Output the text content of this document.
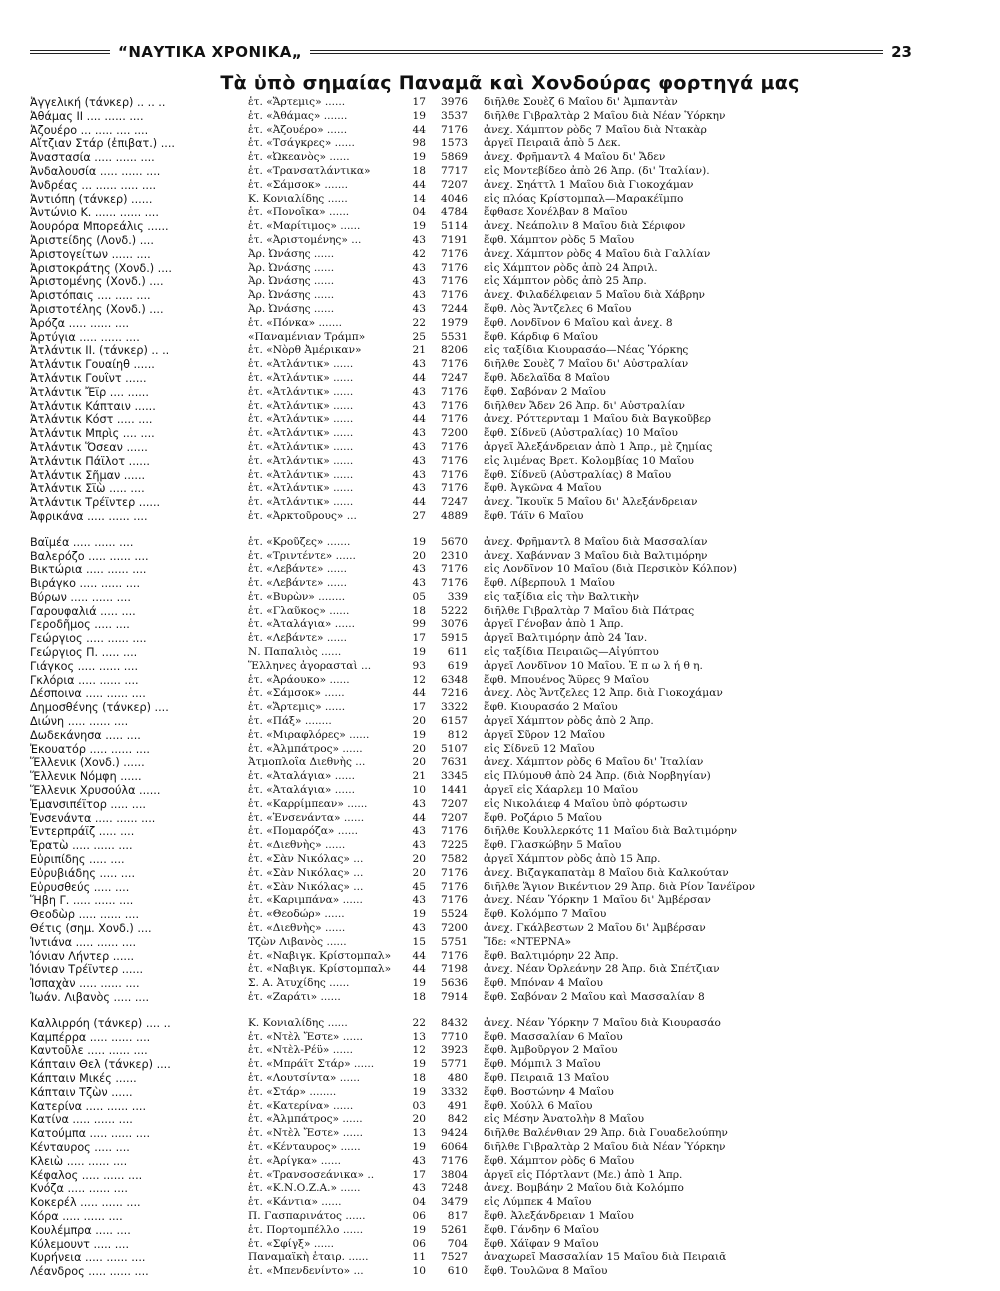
“ΝΑΥΤΙΚΑ ΧΡΟΝΙΚΑ„	23
Τὰ ὑπὸ σημαίας Παναμᾶ καὶ Χονδούρας φορτηγά μας
Ἀγγελική (τάνκερ) .. .. ..	ἑτ. «Ἄρτεμις» ......	17	3976	διῆλθε Σουὲζ 6 Μαΐου δι' Ἀμπαντὰν
Ἀθάμας ΙΙ .... ...... ....	ἑτ. «Ἀθάμας» .......	19	3537	διῆλθε Γιβραλτὰρ 2 Μαΐου διὰ Νέαν Ὑόρκην
Ἀζουέρο ... ..... .... ....	ἑτ. «Ἀζουέρο» ......	44	7176	ἀνεχ. Χάμπτον ρὸδς 7 Μαΐου διὰ Ντακὰρ
Αἴτζιαν Στάρ (ἐπιβατ.) ....	ἑτ. «Τσάγκρες» ......	98	1573	ἀργεῖ Πειραιᾶ ἀπὸ 5 Δεκ.
Ἀναστασία ..... ...... ....	ἑτ. «Ὠκεανὸς» ......	19	5869	ἀνεχ. Φρῆμαντλ 4 Μαΐου δι' Ἄδεν
Ἀνδαλουσία ..... ...... ....	ἑτ. «Τρανσατλάντικα»	18	7717	εἰς Μοντεβίδεο ἀπὸ 26 Ἀπρ. (δι' Ἰταλίαν).
Ἀνδρέας ... ...... ..... ....	ἑτ. «Σάμσοκ» .......	44	7207	ἀνεχ. Σηάττλ 1 Μαΐου διὰ Γιοκοχάμαν
Ἀντιόπη (τάνκερ) ......	Κ. Κονιαλίδης ......	14	4046	εἰς πλόας Κρίστομπαλ—Μαρακέϊμπο
Ἀντώνιο Κ. ...... ...... ....	ἑτ. «Πονοΐκα» ......	04	4784	ἔφθασε Χονέλβαν 8 Μαΐου
Ἀουρόρα Μπορεάλις ......	ἑτ. «Μαρίτιμος» ......	19	5114	ἀνεχ. Νεάπολιν 8 Μαΐου διὰ Σέριφον
Ἀριστείδης (Λονδ.) ....	ἑτ. «Ἀριστομένης» ...	43	7191	ἔφθ. Χάμπτον ρὸδς 5 Μαΐου
Ἀριστογείτων ...... ....	Ἀρ. Ὠνάσης ......	42	7176	ἀνεχ. Χάμπτον ρὸδς 4 Μαΐου διὰ Γαλλίαν
Ἀριστοκράτης (Χονδ.) ....	Ἀρ. Ὠνάσης ......	43	7176	εἰς Χάμπτον ρὸδς ἀπὸ 24 Ἀπριλ.
Ἀριστομένης (Χονδ.) ....	Ἀρ. Ὠνάσης ......	43	7176	εἰς Χάμπτον ρὸδς ἀπὸ 25 Ἀπρ.
Ἀριστόπαις .... ..... ....	Ἀρ. Ὠνάσης ......	43	7176	ἀνεχ. Φιλαδέλφειαν 5 Μαΐου διὰ Χάβρην
Ἀριστοτέλης (Χονδ.) ....	Ἀρ. Ὠνάσης ......	43	7244	ἔφθ. Λὸς Ἄντζελες 6 Μαΐου
Ἀρόζα ..... ...... ....	ἑτ. «Πόνκα» .......	22	1979	ἔφθ. Λονδῖνον 6 Μαΐου καὶ ἀνεχ. 8
Ἀρτύγια ..... ...... ....	«Παναμένιαν Τράμπ»	25	5531	ἔφθ. Κάρδιφ 6 Μαΐου
Ἀτλάντικ ΙΙ. (τάνκερ) .. ..	ἑτ. «Νὸρθ Ἀμέρικαν»	21	8206	εἰς ταξίδια Κιουρασάο—Νέας Ὑόρκης
Ἀτλάντικ Γουαίηθ ......	ἑτ. «Ἀτλάντικ» ......	43	7176	διῆλθε Σουὲζ 7 Μαΐου δι' Αὐστραλίαν
Ἀτλάντικ Γουΐντ ......	ἑτ. «Ἀτλάντικ» ......	44	7247	ἔφθ. Ἀδελαΐδα 8 Μαΐου
Ἀτλάντικ Ἔϊρ .... ......	ἑτ. «Ἀτλάντικ» ......	43	7176	ἔφθ. Σαβόναν 2 Μαΐου
Ἀτλάντικ Κάπταιν ......	ἑτ. «Ἀτλάντικ» ......	43	7176	διῆλθεν Ἄδεν 26 Ἀπρ. δι' Αὐστραλίαν
Ἀτλάντικ Κόστ ..... ....	ἑτ. «Ἀτλάντικ» ......	44	7176	ἀνεχ. Ρόττερνταμ 1 Μαΐου διὰ Βαγκοῦβερ
Ἀτλάντικ Μπρὶς .... ....	ἑτ. «Ἀτλάντικ» ......	43	7200	ἔφθ. Σίδνεϋ (Αὐστραλίας) 10 Μαΐου
Ἀτλάντικ Ὅσεαν ......	ἑτ. «Ἀτλάντικ» ......	43	7176	ἀργεῖ Ἀλεξάνδρειαν ἀπὸ 1 Ἀπρ., μὲ ζημίας
Ἀτλάντικ Πάϊλοτ ......	ἑτ. «Ἀτλάντικ» ......	43	7176	εἰς λιμένας Βρετ. Κολομβίας 10 Μαΐου
Ἀτλάντικ Σῆμαν ......	ἑτ. «Ἀτλάντικ» ......	43	7176	ἔφθ. Σίδνεϋ (Αὐστραλίας) 8 Μαΐου
Ἀτλάντικ Σϊὼ ..... ....	ἑτ. «Ἀτλάντικ» ......	43	7176	ἔφθ. Ἀγκῶνα 4 Μαΐου
Ἀτλάντικ Τρέϊντερ ......	ἑτ. «Ἀτλάντικ» ......	44	7247	ἀνεχ. Ἴκουϊκ 5 Μαΐου δι' Ἀλεξάνδρειαν
Ἀφρικάνα ..... ...... ....	ἑτ. «Ἀρκτοῦρους» ...	27	4889	ἔφθ. Τάϊν 6 Μαΐου
Βαϊμέα ..... ...... ....	ἑτ. «Κροῦζες» .......	19	5670	ἀνεχ. Φρῆμαντλ 8 Μαΐου διὰ Μασσαλίαν
Βαλερόζο ..... ...... ....	ἑτ. «Τριντέντε» ......	20	2310	ἀνεχ. Χαβάνναν 3 Μαΐου διὰ Βαλτιμόρην
Βικτώρια ..... ...... ....	ἑτ. «Λεβάντε» ......	43	7176	εἰς Λονδῖνον 10 Μαΐου (διὰ Περσικὸν Κόλπον)
Βιράγκο ..... ...... ....	ἑτ. «Λεβάντε» ......	43	7176	ἔφθ. Λίβερπουλ 1 Μαΐου
Βύρων ..... ...... ....	ἑτ. «Βυρὼν» ........	05	339	εἰς ταξίδια εἰς τὴν Βαλτικὴν
Γαρουφαλιά ..... ....	ἑτ. «Γλαῦκος» ......	18	5222	διῆλθε Γιβραλτὰρ 7 Μαΐου διὰ Πάτρας
Γεροδῆμος ..... ....	ἑτ. «Ἀταλάγια» ......	99	3076	ἀργεῖ Γένοβαν ἀπὸ 1 Ἀπρ.
Γεώργιος ..... ...... ....	ἑτ. «Λεβάντε» ......	17	5915	ἀργεῖ Βαλτιμόρην ἀπὸ 24 Ἰαν.
Γεώργιος Π. ..... ....	Ν. Παπαλιὸς ......	19	611	εἰς ταξίδια Πειραιῶς—Αἰγύπτου
Γιάγκος ..... ...... ....	Ἕλληνες ἀγορασταὶ ...	93	619	ἀργεῖ Λονδῖνον 10 Μαΐου. Ἐ π ω λ ή θ η.
Γκλόρια ..... ...... ....	ἑτ. «Ἀράουκο» ......	12	6348	ἔφθ. Μπουένος Ἄϋρες 9 Μαΐου
Δέσποινα ..... ...... ....	ἑτ. «Σάμσοκ» ......	44	7216	ἀνεχ. Λὸς Ἄντζελες 12 Ἀπρ. διὰ Γιοκοχάμαν
Δημοσθένης (τάνκερ) ....	ἑτ. «Ἄρτεμις» ......	17	3322	ἔφθ. Κιουρασάο 2 Μαΐου
Διώνη ..... ...... ....	ἑτ. «Πάξ» ........	20	6157	ἀργεῖ Χάμπτον ρὸδς ἀπὸ 2 Ἀπρ.
Δωδεκάνησα ..... ....	ἑτ. «Μιραφλόρες» ......	19	812	ἀργεῖ Σῦρον 12 Μαΐου
Ἐκουατόρ ..... ...... ....	ἑτ. «Ἀλμπάτρος» ......	20	5107	εἰς Σίδνεϋ 12 Μαΐου
Ἕλλενικ (Χονδ.) ......	Ἀτμοπλοΐα Διεθνὴς ...	20	7631	ἀνεχ. Χάμπτον ρὸδς 6 Μαΐου δι' Ἰταλίαν
Ἕλλενικ Νόμφη ......	ἑτ. «Ἀταλάγια» ......	21	3345	εἰς Πλύμουθ ἀπὸ 24 Ἀπρ. (διὰ Νορβηγίαν)
Ἕλλενικ Χρυσούλα ......	ἑτ. «Ἀταλάγια» ......	10	1441	ἀργεῖ εἰς Χάαρλεμ 10 Μαΐου
Ἐμανσιπέϊτορ ..... ....	ἑτ. «Καρρίμπεαν» ......	43	7207	εἰς Νικολάιεφ 4 Μαΐου ὑπὸ φόρτωσιν
Ἐνσενάντα ..... ...... ....	ἑτ. «Ἐνσενάντα» ......	44	7207	ἔφθ. Ροζάριο 5 Μαΐου
Ἐντερπράϊζ ..... ....	ἑτ. «Πομαρόζα» ......	43	7176	διῆλθε Κουλλερκότς 11 Μαΐου διὰ Βαλτιμόρην
Ἐρατὼ ..... ...... ....	ἑτ. «Διεθνὴς» ......	43	7225	ἔφθ. Γλασκώβην 5 Μαΐου
Εὐριπίδης ..... ....	ἑτ. «Σὰν Νικόλας» ...	20	7582	ἀργεῖ Χάμπτον ρὸδς ἀπὸ 15 Ἀπρ.
Εὐρυβιάδης ..... ....	ἑτ. «Σὰν Νικόλας» ...	20	7176	ἀνεχ. Βιζαγκαπατὰμ 8 Μαΐου διὰ Καλκούταν
Εὐρυσθεύς ..... ....	ἑτ. «Σὰν Νικόλας» ...	45	7176	διῆλθε Ἅγιον Βικέντιον 29 Ἀπρ. διὰ Ρίον Ἰανέϊρον
Ἥβη Γ. ..... ...... ....	ἑτ. «Καριμπάνα» ......	43	7176	ἀνεχ. Νέαν Ὑόρκην 1 Μαΐου δι' Ἀμβέρσαν
Θεοδὼρ ..... ...... ....	ἑτ. «Θεοδώρ» ......	19	5524	ἔφθ. Κολόμπο 7 Μαΐου
Θέτις (σημ. Χονδ.) ....	ἑτ. «Διεθνὴς» ......	43	7200	ἀνεχ. Γκάλβεστων 2 Μαΐου δι' Ἀμβέρσαν
Ἰντιάνα ..... ...... ....	Τζὼν Λιβανὸς ......	15	5751	Ἴδε: «ΝΤΕΡΝΑ»
Ἰόνιαν Λήντερ ......	ἑτ. «Ναβιγκ. Κρίστομπαλ»	44	7176	ἔφθ. Βαλτιμόρην 22 Ἀπρ.
Ἰόνιαν Τρέϊντερ ......	ἑτ. «Ναβιγκ. Κρίστομπαλ»	44	7198	ἀνεχ. Νέαν Ὀρλεάνην 28 Ἀπρ. διὰ Σπέτζιαν
Ἰσπαχὰν ..... ...... ....	Σ. Α. Ἀτυχίδης ......	19	5636	ἔφθ. Μπόναν 4 Μαΐου
Ἰωάν. Λιβανὸς ..... ....	ἑτ. «Ζαράτι» ......	18	7914	ἔφθ. Σαβόναν 2 Μαΐου καὶ Μασσαλίαν 8
Καλλιρρόη (τάνκερ) .... ..	Κ. Κονιαλίδης ......	22	8432	ἀνεχ. Νέαν Ὑόρκην 7 Μαΐου διὰ Κιουρασάο
Καμπέρρα ..... ...... ....	ἑτ. «Ντὲλ Ἔστε» ......	13	7710	ἔφθ. Μασσαλίαν 6 Μαΐου
Καντοῦλε ..... ...... ....	ἑτ. «Ντὲλ-Ρέϋ» ......	12	3923	ἔφθ. Ἀμβοῦργον 2 Μαΐου
Κάπταιν Θελ (τάνκερ) ....	ἑτ. «Μπράϊτ Στάρ» ......	19	5771	ἔφθ. Μόμπιλ 3 Μαΐου
Κάπταιν Μικές ......	ἑτ. «Λουτσίντα» ......	18	480	ἔφθ. Πειραιᾶ 13 Μαΐου
Κάπταιν Τζὼν ......	ἑτ. «Στάρ» ........	19	3332	ἔφθ. Βοστώνην 4 Μαΐου
Κατερίνα ..... ...... ....	ἑτ. «Κατερίνα» ......	03	491	ἔφθ. Χούλλ 6 Μαΐου
Κατίνα ..... ...... ....	ἑτ. «Ἀλμπάτρος» ......	20	842	εἰς Μέσην Ἀνατολὴν 8 Μαΐου
Κατούμπα ..... ...... ....	ἑτ. «Ντὲλ Ἔστε» ......	13	9424	διῆλθε Βαλένθιαν 29 Ἀπρ. διὰ Γουαδελούπην
Κένταυρος ..... ....	ἑτ. «Κένταυρος» ......	19	6064	διῆλθε Γιβραλτὰρ 2 Μαΐου διὰ Νέαν Ὑόρκην
Κλειὼ ..... ...... ....	ἑτ. «Ἀρίγκα» ......	43	7176	ἔφθ. Χάμπτον ρὸδς 6 Μαΐου
Κέφαλος ..... ...... ....	ἑτ. «Τρανσοσεάνικα» ..	17	3804	ἀργεῖ εἰς Πόρτλαντ (Με.) ἀπὸ 1 Ἀπρ.
Κνόζα ..... ...... ....	ἑτ. «Κ.Ν.Ο.Ζ.Α.» ......	43	7248	ἀνεχ. Βομβάην 2 Μαΐου διὰ Κολόμπο
Κοκερέλ ..... ...... ....	ἑτ. «Κάντια» ......	04	3479	εἰς Λύμπεκ 4 Μαΐου
Κόρα ..... ...... ....	Π. Γασπαρινάτος ......	06	817	ἔφθ. Ἀλεξάνδρειαν 1 Μαΐου
Κουλέμπρα ..... ....	ἑτ. Πορτομπέλλο ......	19	5261	ἔφθ. Γάνδην 6 Μαΐου
Κύλεμουντ ..... ....	ἑτ. «Σφίγξ» ......	06	704	ἔφθ. Χάϊφαν 9 Μαΐου
Κυρήνεια ..... ...... ....	Παναμαϊκὴ ἑταιρ. ......	11	7527	ἀναχωρεῖ Μασσαλίαν 15 Μαΐου διὰ Πειραιᾶ
Λέανδρος ..... ...... ....	ἑτ. «Μπενδενίντο» ...	10	610	ἔφθ. Τουλῶνα 8 Μαΐου
